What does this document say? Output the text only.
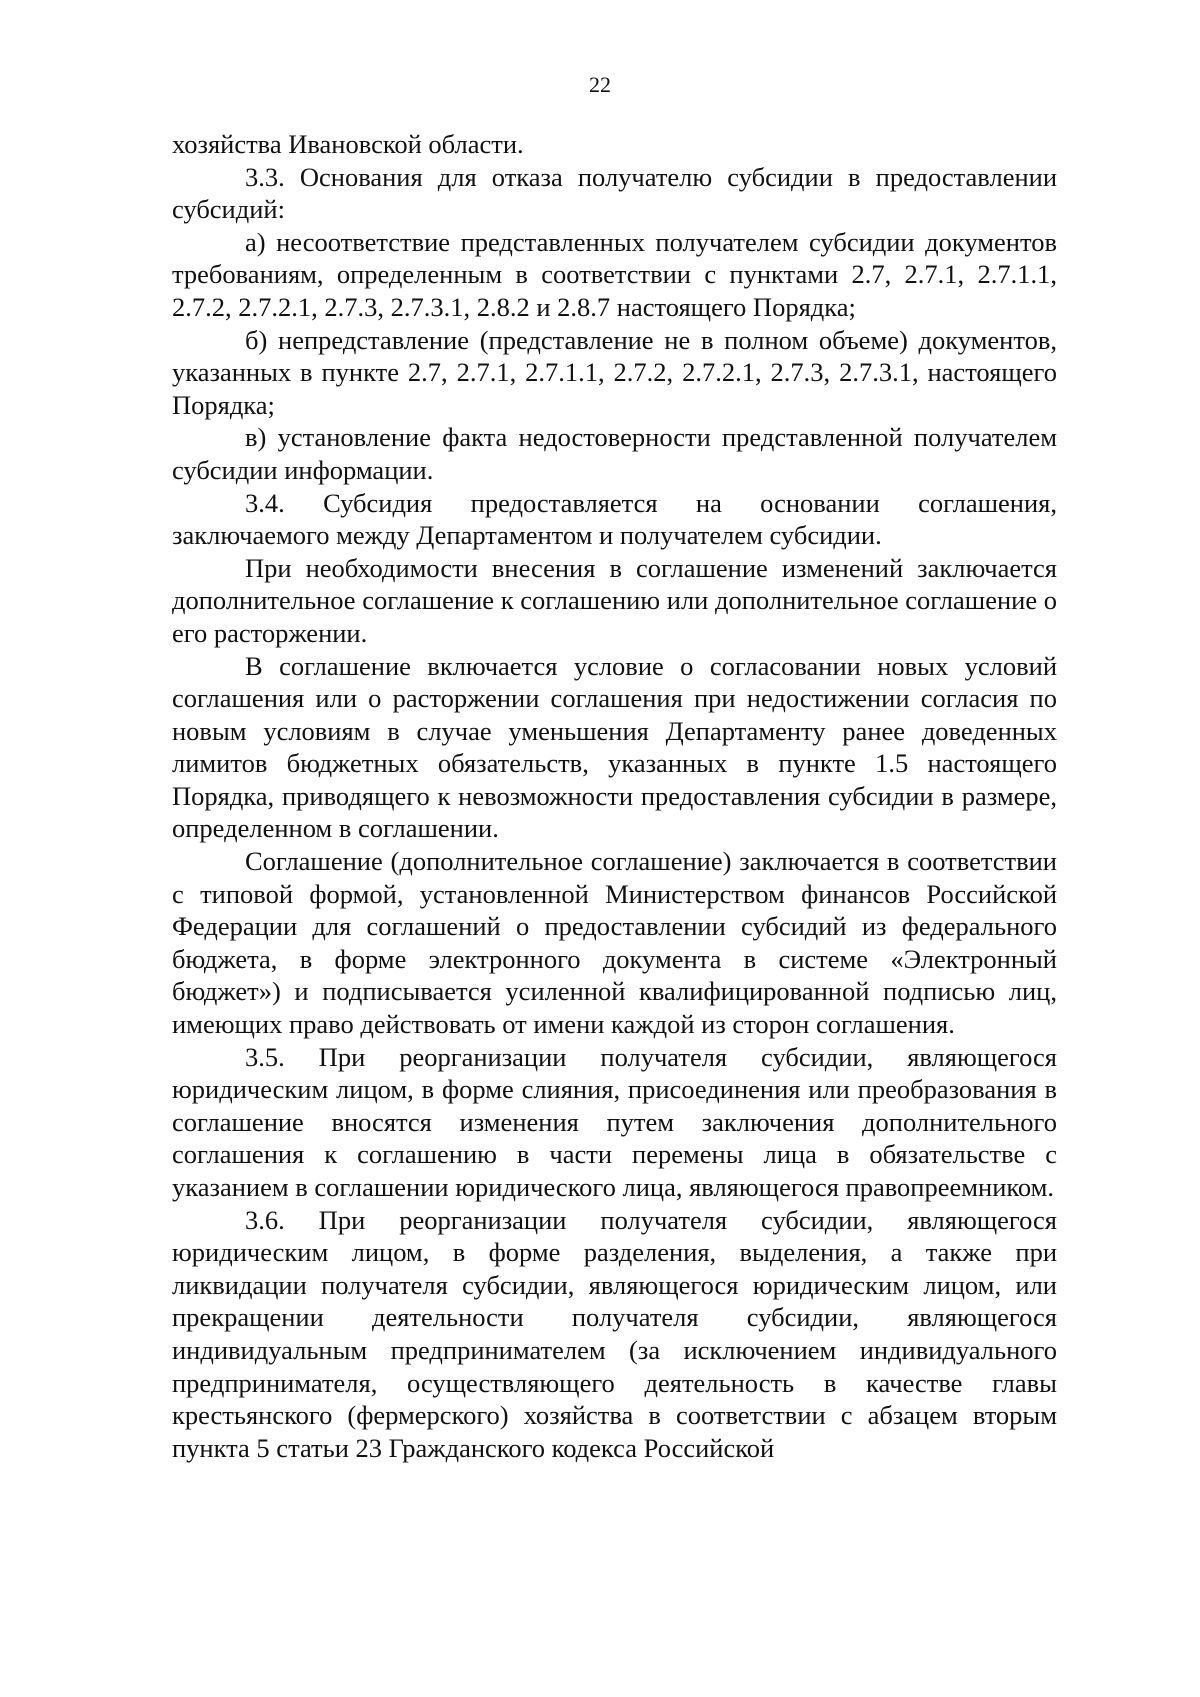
22

хозяйства Ивановской области.

3.3. Основания для отказа получателю субсидии в предоставлении субсидий:

а) несоответствие представленных получателем субсидии документов требованиям, определенным в соответствии с пунктами 2.7, 2.7.1, 2.7.1.1, 2.7.2, 2.7.2.1, 2.7.3, 2.7.3.1, 2.8.2 и 2.8.7 настоящего Порядка;

б) непредставление (представление не в полном объеме) документов, указанных в пункте 2.7, 2.7.1, 2.7.1.1, 2.7.2, 2.7.2.1, 2.7.3, 2.7.3.1, настоящего Порядка;

в) установление факта недостоверности представленной получателем субсидии информации.

3.4. Субсидия предоставляется на основании соглашения, заключаемого между Департаментом и получателем субсидии.

При необходимости внесения в соглашение изменений заключается дополнительное соглашение к соглашению или дополнительное соглашение о его расторжении.

В соглашение включается условие о согласовании новых условий соглашения или о расторжении соглашения при недостижении согласия по новым условиям в случае уменьшения Департаменту ранее доведенных лимитов бюджетных обязательств, указанных в пункте 1.5 настоящего Порядка, приводящего к невозможности предоставления субсидии в размере, определенном в соглашении.

Соглашение (дополнительное соглашение) заключается в соответствии с типовой формой, установленной Министерством финансов Российской Федерации для соглашений о предоставлении субсидий из федерального бюджета, в форме электронного документа в системе «Электронный бюджет») и подписывается усиленной квалифицированной подписью лиц, имеющих право действовать от имени каждой из сторон соглашения.

3.5. При реорганизации получателя субсидии, являющегося юридическим лицом, в форме слияния, присоединения или преобразования в соглашение вносятся изменения путем заключения дополнительного соглашения к соглашению в части перемены лица в обязательстве с указанием в соглашении юридического лица, являющегося правопреемником.

3.6. При реорганизации получателя субсидии, являющегося юридическим лицом, в форме разделения, выделения, а также при ликвидации получателя субсидии, являющегося юридическим лицом, или прекращении деятельности получателя субсидии, являющегося индивидуальным предпринимателем (за исключением индивидуального предпринимателя, осуществляющего деятельность в качестве главы крестьянского (фермерского) хозяйства в соответствии с абзацем вторым пункта 5 статьи 23 Гражданского кодекса Российской
